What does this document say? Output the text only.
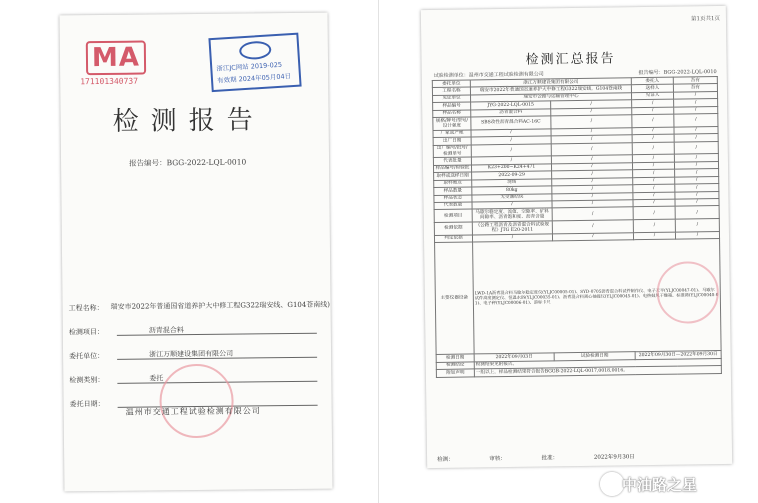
MA
171101340737
浙江JC网站 2019-025
有效期 2024年05月04日
检测报告
报告编号：BGG-2022-LQL-0010
工程名称： 瑞安市2022年普通国省道养护大中修工程G322瑞安线、G104苍南线)
检测项目：	沥青混合料
委托单位：	浙江万顺建设集团有限公司
检测类别：	委托
委托日期：
温州市交通工程试验检测有限公司
第1页共1页
检测汇总报告
试验检测单位：温州市交通工程试验检测有限公司	报告编号：BGG-2022-LQL-0010
委托单位	浙江万顺建设集团有限公司		委托人	吾有
工程名称	瑞安市2022年普通国省道养护大中修工程G322瑞安线，G104苍南线		送样人	吾有
见证单位	瑞安市公路与运输管理中心		见证人	/
样品编号	JYG-2022-LQL-0015	/	/	/
样品名称	沥青混合料	/	/	/
规格/牌号/型号/设计强度	SBS改性沥青混合料AC-16C	/	/	/
厂家或产地	/	/	/	/
出厂日期	/	/	/	/
出厂编号/批号/检测单号	/	/	/	/
代表批量	/	/	/	/
样品编号/检验批	K23+200~K24+471	/	/	/
取样或送样日期	2022-09-29	/	/	/
取样地点	现场	/	/	/
样品数量	80kg	/	/	/
样品状态	无受潮结块	/	/	/
代表数量	/	/	/	/
检测项目	马歇尔稳定度、流值、空隙率、矿料间隙率、沥青饱和度、沥青含量	/	/	/
检测依据	《公路工程沥青及沥青混合料试验规程》JTG E20-2011	/	/	/
判定依据	/	/	/	/
主要仪器设备	LWD-1A沥青混合料马歇尔稳定度仪(YLJC00005-01)、SYD-0705沥青混合料试件制作仪、电子天平(YLJC00047-01)、马歇尔试件高度测定仪、恒温水浴(YLJC00035-01)、沥青混合料离心抽提仪(YLJC00045-01)、电热鼓风干燥箱、标准筛(YLJC00040-01)、电子秤(YLJC00006-01)、游标卡尺			
检测日期	2022年09月03日	试验检测日期	2022年09月30日—2022年09月30日	
检测结论	检测结果见附报告。			
附加声明	一组以上，样品检测结果符合报告BGGB-2022-LQL-0017,0018,0016。			
检测：	审核：	批准：	2022年9月30日
中油路之星
